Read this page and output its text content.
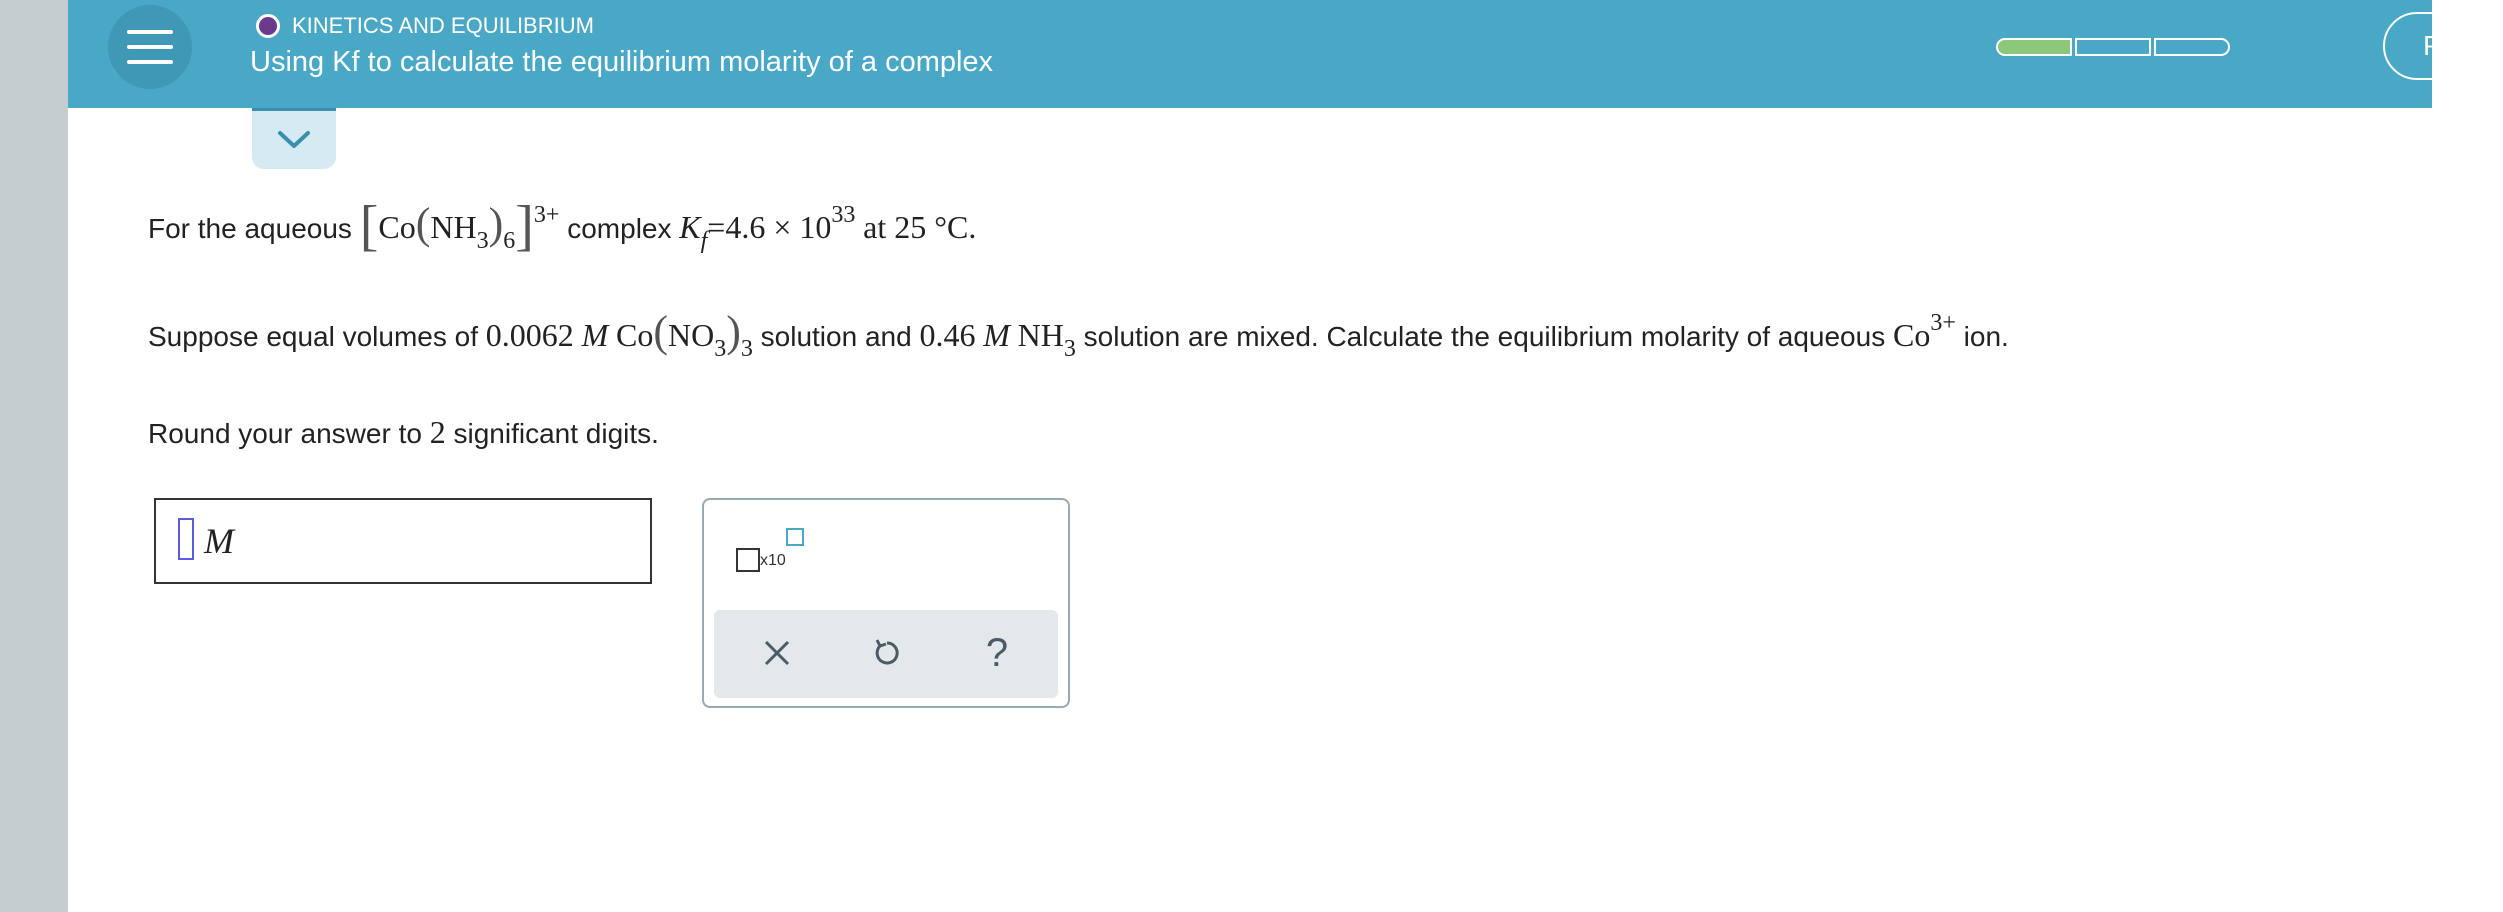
KINETICS AND EQUILIBRIUM
Using Kf to calculate the equilibrium molarity of a complex
P
For the aqueous [Co(NH3)6]3+ complex Kf=4.6 × 1033 at 25 °C.
Suppose equal volumes of 0.0062 M Co(NO3)3 solution and 0.46 M NH3 solution are mixed. Calculate the equilibrium molarity of aqueous Co3+ ion.
Round your answer to 2 significant digits.
M	x10
?
